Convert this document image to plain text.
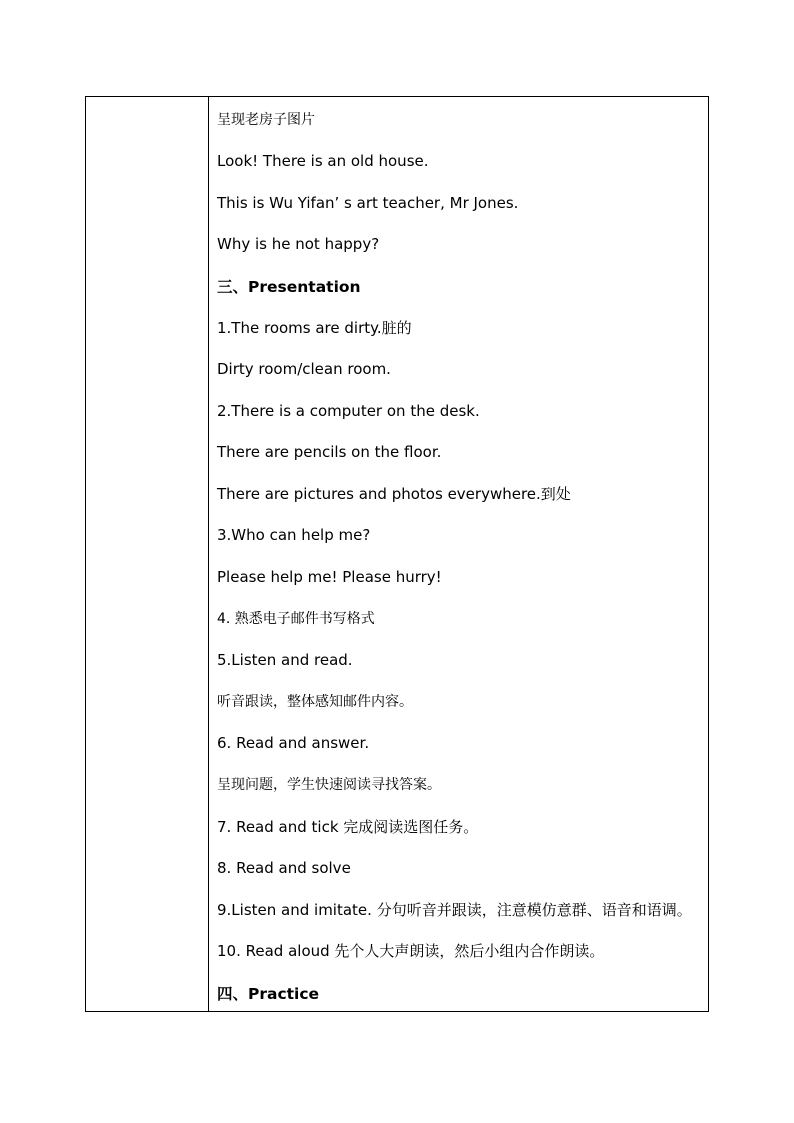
呈现老房子图片
Look! There is an old house.
This is Wu Yifan’ s art teacher, Mr Jones.
Why is he not happy?
三、Presentation
1.The rooms are dirty.脏的
Dirty room/clean room.
2.There is a computer on the desk.
There are pencils on the floor.
There are pictures and photos everywhere.到处
3.Who can help me?
Please help me! Please hurry!
4. 熟悉电子邮件书写格式
5.Listen and read.
听音跟读，整体感知邮件内容。
6. Read and answer.
呈现问题，学生快速阅读寻找答案。
7. Read and tick 完成阅读选图任务。
8. Read and solve
9.Listen and imitate. 分句听音并跟读，注意模仿意群、语音和语调。
10. Read aloud 先个人大声朗读，然后小组内合作朗读。
四、Practice
